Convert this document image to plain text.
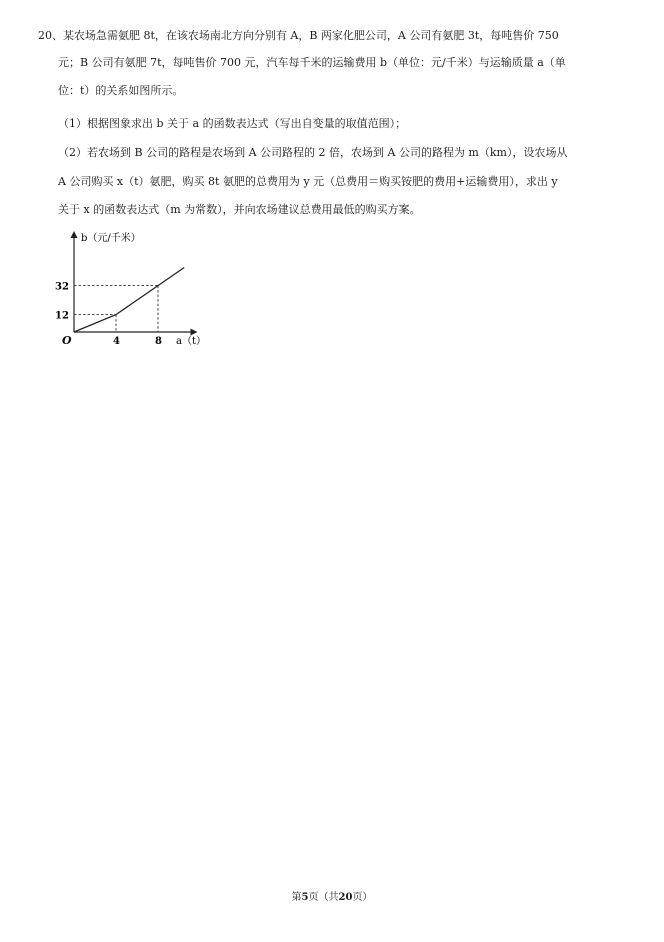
20、某农场急需氨肥 8t，在该农场南北方向分别有 A，B 两家化肥公司，A 公司有氨肥 3t，每吨售价 750
元；B 公司有氨肥 7t，每吨售价 700 元，汽车每千米的运输费用 b（单位：元/千米）与运输质量 a（单
位：t）的关系如图所示。
（1）根据图象求出 b 关于 a 的函数表达式（写出自变量的取值范围）；
（2）若农场到 B 公司的路程是农场到 A 公司路程的 2 倍，农场到 A 公司的路程为 m（km），设农场从
A 公司购买 x（t）氨肥，购买 8t 氨肥的总费用为 y 元（总费用＝购买铵肥的费用+运输费用），求出 y
关于 x 的函数表达式（m 为常数），并向农场建议总费用最低的购买方案。
4	8
12
32
b（元/千米）
a（t）
O
第5页（共20页）
